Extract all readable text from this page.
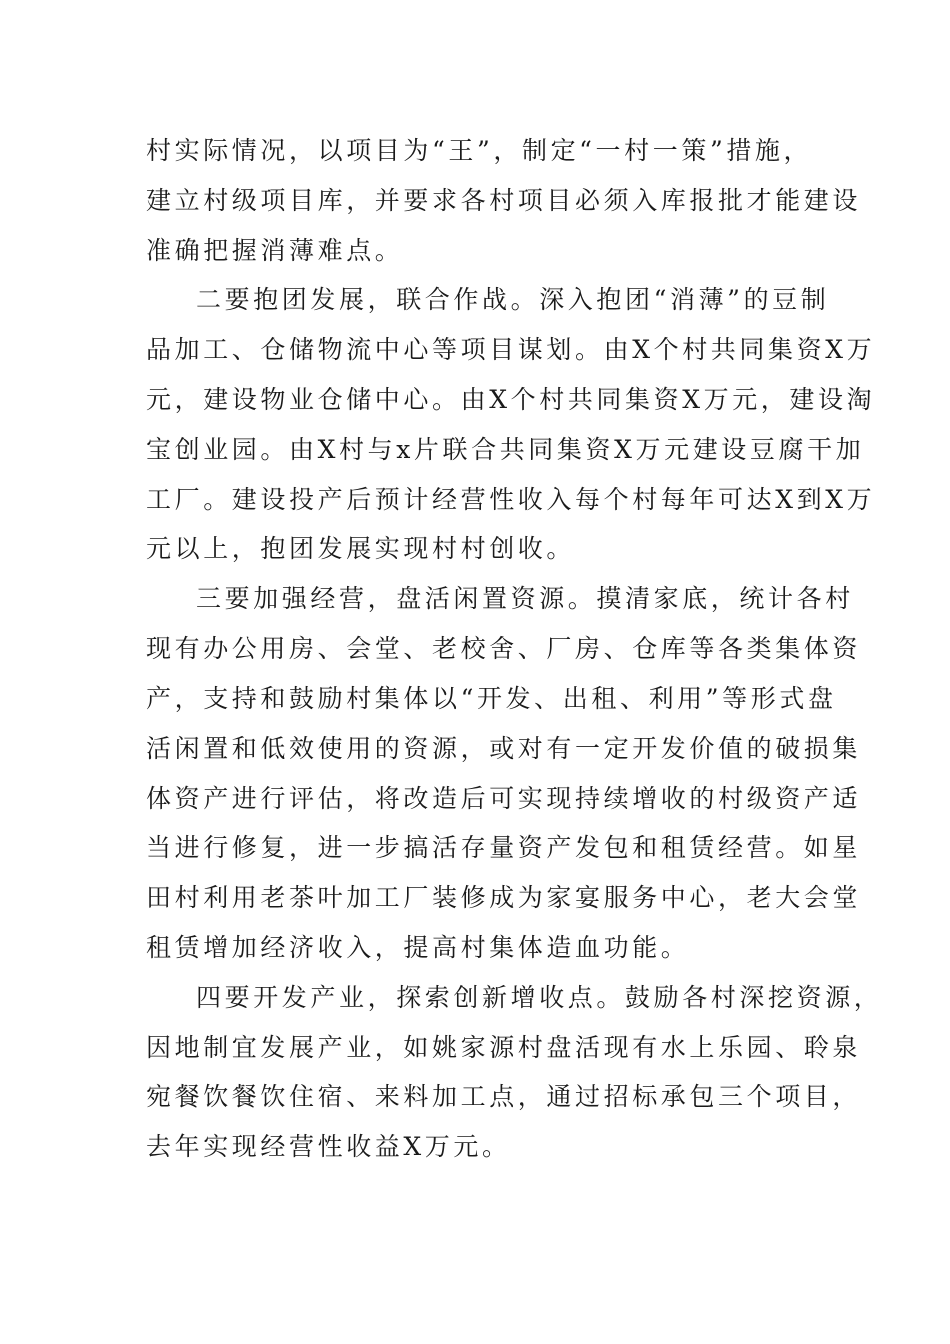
村实际情况，以项目为“王”，制定“一村一策”措施，
建立村级项目库，并要求各村项目必须入库报批才能建设
准确把握消薄难点。
二要抱团发展，联合作战。深入抱团“消薄”的豆制
品加工、仓储物流中心等项目谋划。由X个村共同集资X万
元，建设物业仓储中心。由X个村共同集资X万元，建设淘
宝创业园。由X村与x片联合共同集资X万元建设豆腐干加
工厂。建设投产后预计经营性收入每个村每年可达X到X万
元以上，抱团发展实现村村创收。
三要加强经营，盘活闲置资源。摸清家底，统计各村
现有办公用房、会堂、老校舍、厂房、仓库等各类集体资
产，支持和鼓励村集体以“开发、出租、利用”等形式盘
活闲置和低效使用的资源，或对有一定开发价值的破损集
体资产进行评估，将改造后可实现持续增收的村级资产适
当进行修复，进一步搞活存量资产发包和租赁经营。如星
田村利用老茶叶加工厂装修成为家宴服务中心，老大会堂
租赁增加经济收入，提高村集体造血功能。
四要开发产业，探索创新增收点。鼓励各村深挖资源，
因地制宜发展产业，如姚家源村盘活现有水上乐园、聆泉
宛餐饮餐饮住宿、来料加工点，通过招标承包三个项目，
去年实现经营性收益X万元。
